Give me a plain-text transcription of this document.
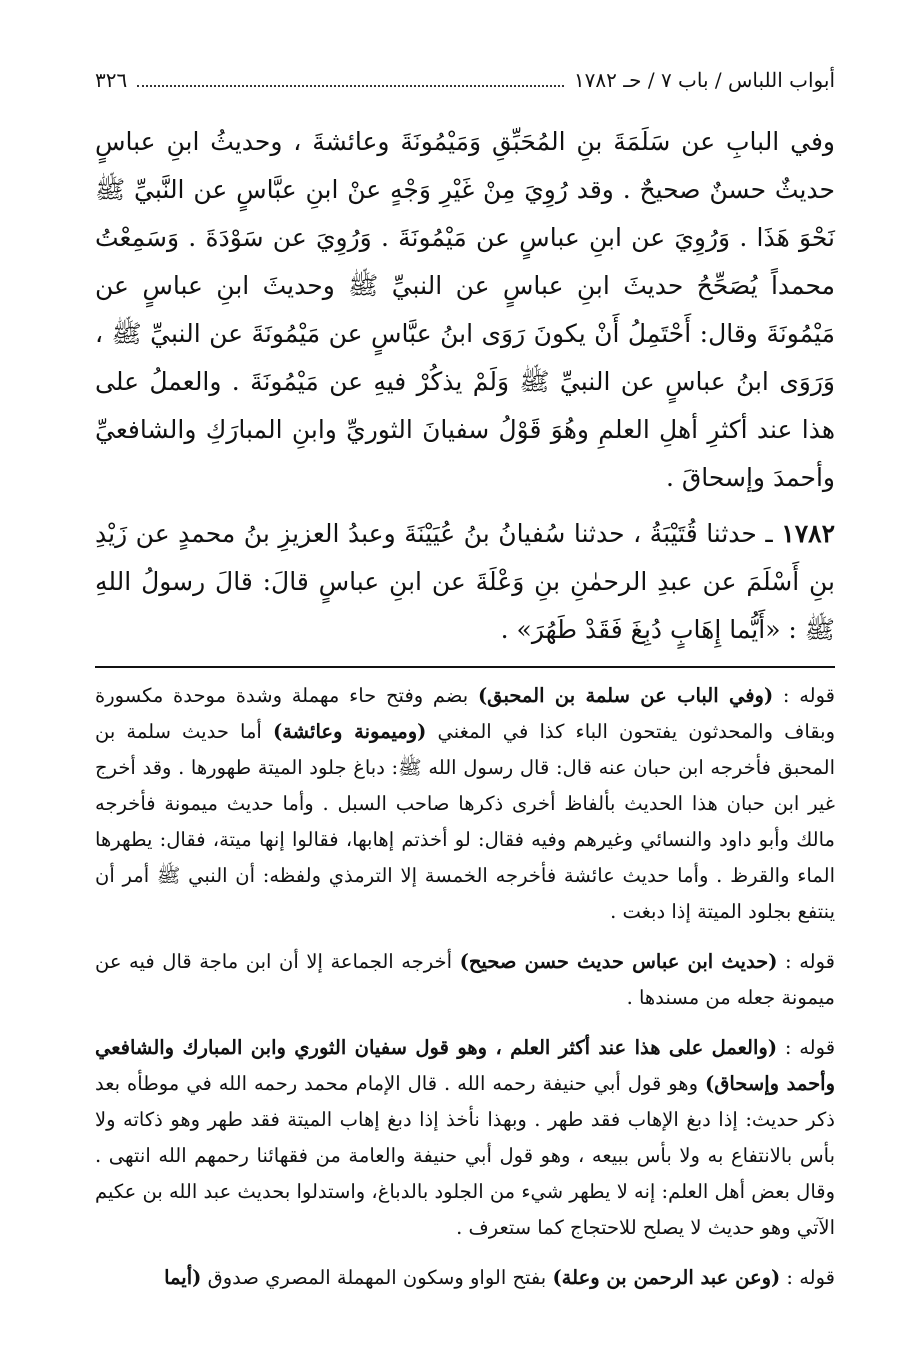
أبواب اللباس / باب ٧ / حـ ١٧٨٢
٣٢٦

وفي البابِ عن سَلَمَةَ بنِ المُحَبِّقِ وَمَيْمُونَةَ وعائشةَ ، وحديثُ ابنِ عباسٍ حديثٌ حسنٌ صحيحٌ . وقد رُوِيَ مِنْ غَيْرِ وَجْهٍ عنْ ابنِ عبَّاسٍ عن النَّبيِّ ﷺ نَحْوَ هَذَا . وَرُوِيَ عن ابنِ عباسٍ عن مَيْمُونَةَ . وَرُوِيَ عن سَوْدَةَ . وَسَمِعْتُ محمداً يُصَحِّحُ حديثَ ابنِ عباسٍ عن النبيِّ ﷺ وحديثَ ابنِ عباسٍ عن مَيْمُونَةَ وقال: أَحْتَمِلُ أَنْ يكونَ رَوَى ابنُ عبَّاسٍ عن مَيْمُونَةَ عن النبيِّ ﷺ ، وَرَوَى ابنُ عباسٍ عن النبيِّ ﷺ وَلَمْ يذكُرْ فيهِ عن مَيْمُونَةَ . والعملُ على هذا عند أكثرِ أهلِ العلمِ وهُوَ قَوْلُ سفيانَ الثوريِّ وابنِ المبارَكِ والشافعيِّ وأحمدَ وإسحاقَ .

١٧٨٢ ـ حدثنا قُتَيْبَةُ ، حدثنا سُفيانُ بنُ عُيَيْنَةَ وعبدُ العزيزِ بنُ محمدٍ عن زَيْدِ بنِ أَسْلَمَ عن عبدِ الرحمٰنِ بنِ وَعْلَةَ عن ابنِ عباسٍ قالَ: قالَ رسولُ اللهِ ﷺ : «أَيُّما إِهَابٍ دُبِغَ فَقَدْ طَهُرَ» .

قوله : (وفي الباب عن سلمة بن المحبق) بضم وفتح حاء مهملة وشدة موحدة مكسورة وبقاف والمحدثون يفتحون الباء كذا في المغني (وميمونة وعائشة) أما حديث سلمة بن المحبق فأخرجه ابن حبان عنه قال: قال رسول الله ﷺ: دباغ جلود الميتة طهورها . وقد أخرج غير ابن حبان هذا الحديث بألفاظ أخرى ذكرها صاحب السبل . وأما حديث ميمونة فأخرجه مالك وأبو داود والنسائي وغيرهم وفيه فقال: لو أخذتم إهابها، فقالوا إنها ميتة، فقال: يطهرها الماء والقرظ . وأما حديث عائشة فأخرجه الخمسة إلا الترمذي ولفظه: أن النبي ﷺ أمر أن ينتفع بجلود الميتة إذا دبغت .

قوله : (حديث ابن عباس حديث حسن صحيح) أخرجه الجماعة إلا أن ابن ماجة قال فيه عن ميمونة جعله من مسندها .

قوله : (والعمل على هذا عند أكثر العلم ، وهو قول سفيان الثوري وابن المبارك والشافعي وأحمد وإسحاق) وهو قول أبي حنيفة رحمه الله . قال الإمام محمد رحمه الله في موطأه بعد ذكر حديث: إذا دبغ الإهاب فقد طهر . وبهذا نأخذ إذا دبغ إهاب الميتة فقد طهر وهو ذكاته ولا بأس بالانتفاع به ولا بأس ببيعه ، وهو قول أبي حنيفة والعامة من فقهائنا رحمهم الله انتهى . وقال بعض أهل العلم: إنه لا يطهر شيء من الجلود بالدباغ، واستدلوا بحديث عبد الله بن عكيم الآتي وهو حديث لا يصلح للاحتجاج كما ستعرف .

قوله : (وعن عبد الرحمن بن وعلة) بفتح الواو وسكون المهملة المصري صدوق (أيما
